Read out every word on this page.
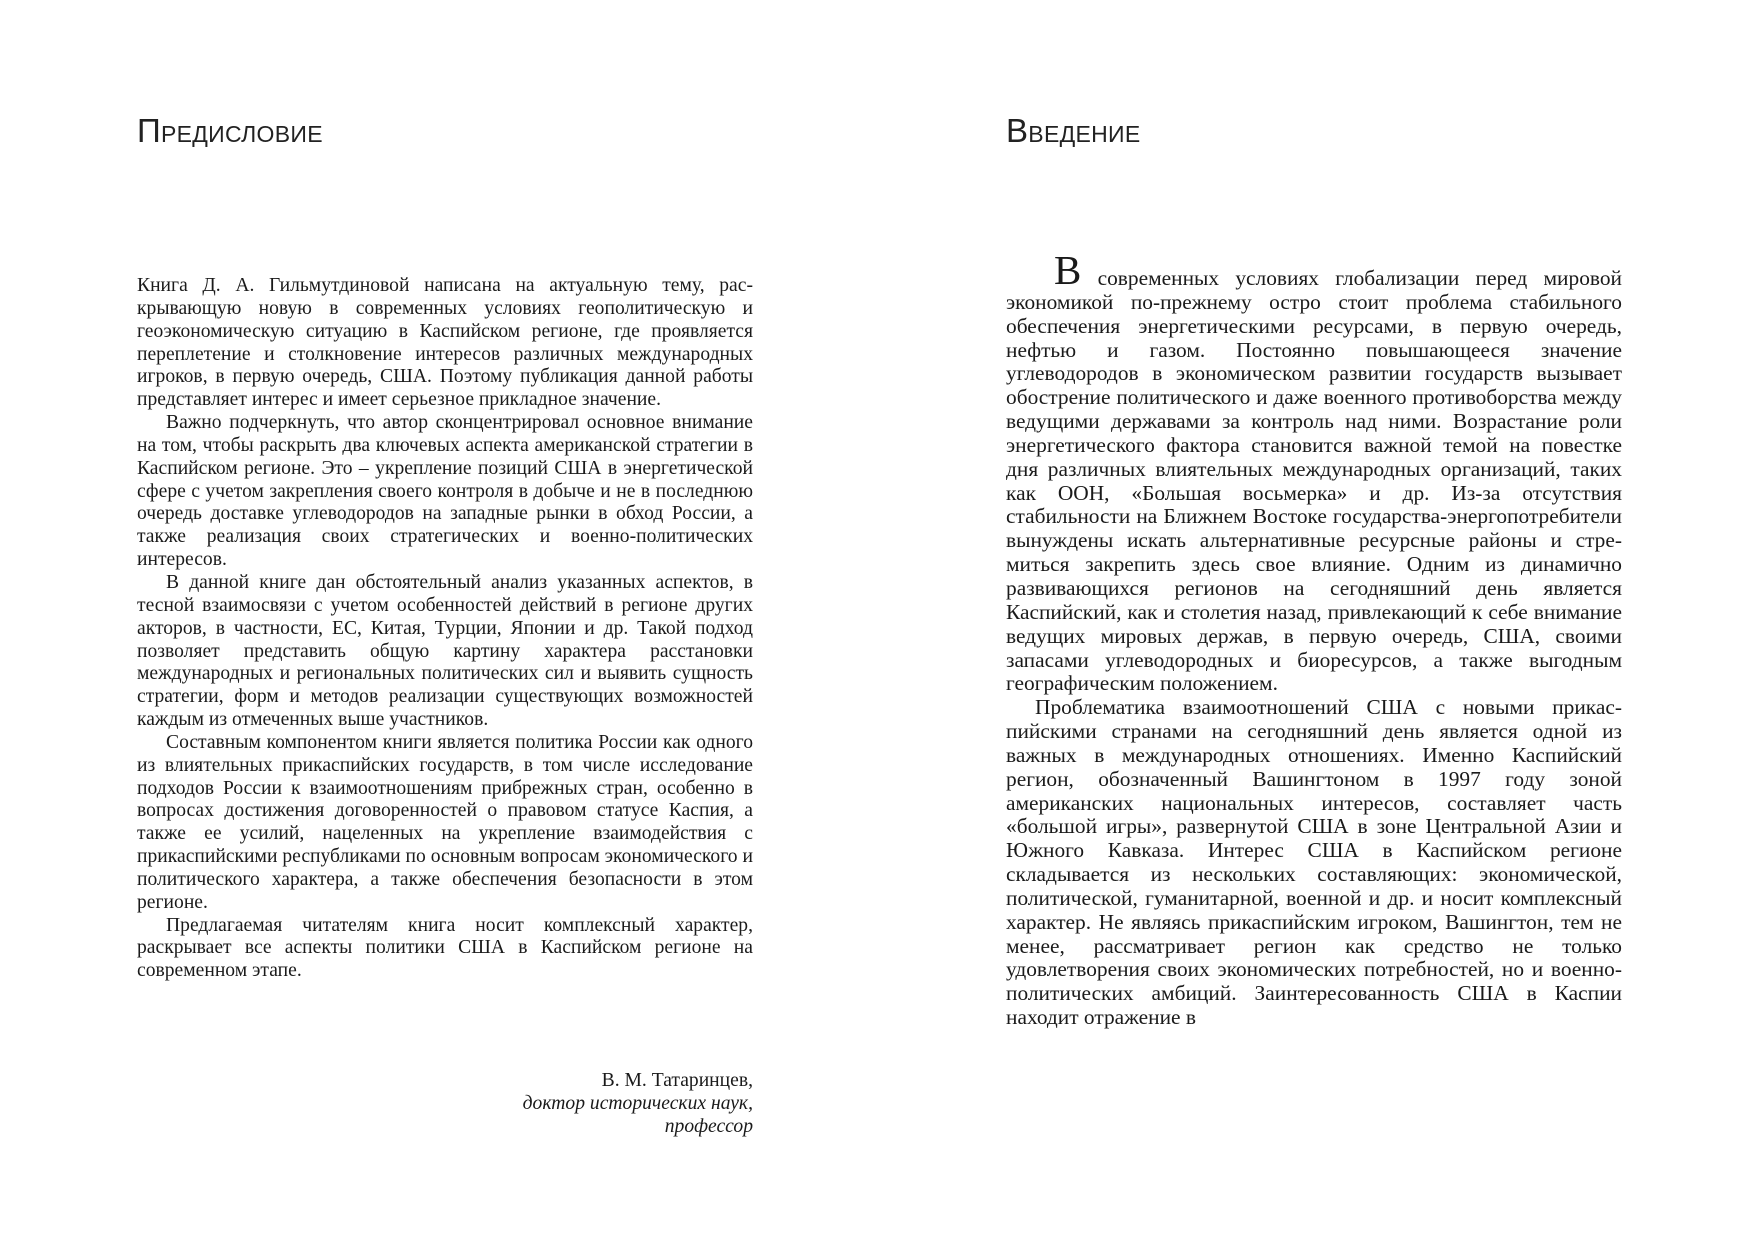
Предисловие

Книга Д. А. Гильмутдиновой написана на актуальную тему, раскрывающую новую в современных условиях геополитическую и геоэкономическую ситуацию в Каспийском регионе, где проявляется переплетение и столкновение интересов различных международных игроков, в первую очередь, США. Поэтому публикация данной работы представляет интерес и имеет серьезное прикладное значение.

Важно подчеркнуть, что автор сконцентрировал основное внимание на том, чтобы раскрыть два ключевых аспекта американской стратегии в Каспийском регионе. Это – укрепление позиций США в энергетической сфере с учетом закрепления своего контроля в добыче и не в последнюю очередь доставке углеводородов на западные рынки в обход России, а также реализация своих стратегических и военно-политических интересов.

В данной книге дан обстоятельный анализ указанных аспектов, в тесной взаимосвязи с учетом особенностей действий в регионе других акторов, в частности, ЕС, Китая, Турции, Японии и др. Такой подход позволяет представить общую картину характера расстановки международных и региональных политических сил и выявить сущность стратегии, форм и методов реализации существующих возможностей каждым из отмеченных выше участников.

Составным компонентом книги является политика России как одного из влиятельных прикаспийских государств, в том числе исследование подходов России к взаимоотношениям прибрежных стран, особенно в вопросах достижения договоренностей о правовом статусе Каспия, а также ее усилий, нацеленных на укрепление взаимодействия с прикаспийскими республиками по основным вопросам экономического и политического характера, а также обеспечения безопасности в этом регионе.

Предлагаемая читателям книга носит комплексный характер, раскрывает все аспекты политики США в Каспийском регионе на современном этапе.

В. М. Татаринцев,
доктор исторических наук,
профессор
Введение

В современных условиях глобализации перед мировой экономикой по-прежнему остро стоит проблема стабильного обеспечения энергетическими ресурсами, в первую очередь, нефтью и газом. Постоянно повышающееся значение углеводородов в экономическом развитии государств вызывает обострение политического и даже военного противоборства между ведущими державами за контроль над ними. Возрастание роли энергетического фактора становится важной темой на повестке дня различных влиятельных международных организаций, таких как ООН, «Большая восьмерка» и др. Из-за отсутствия стабильности на Ближнем Востоке государства-энергопотребители вынуждены искать альтернативные ресурсные районы и стремиться закрепить здесь свое влияние. Одним из динамично развивающихся регионов на сегодняшний день является Каспийский, как и столетия назад, привлекающий к себе внимание ведущих мировых держав, в первую очередь, США, своими запасами углеводородных и биоресурсов, а также выгодным географическим положением.

Проблематика взаимоотношений США с новыми прикаспийскими странами на сегодняшний день является одной из важных в международных отношениях. Именно Каспийский регион, обозначенный Вашингтоном в 1997 году зоной американских национальных интересов, составляет часть «большой игры», развернутой США в зоне Центральной Азии и Южного Кавказа. Интерес США в Каспийском регионе складывается из нескольких составляющих: экономической, политической, гуманитарной, военной и др. и носит комплексный характер. Не являясь прикаспийским игроком, Вашингтон, тем не менее, рассматривает регион как средство не только удовлетворения своих экономических потребностей, но и военно-политических амбиций. Заинтересованность США в Каспии находит отражение в
